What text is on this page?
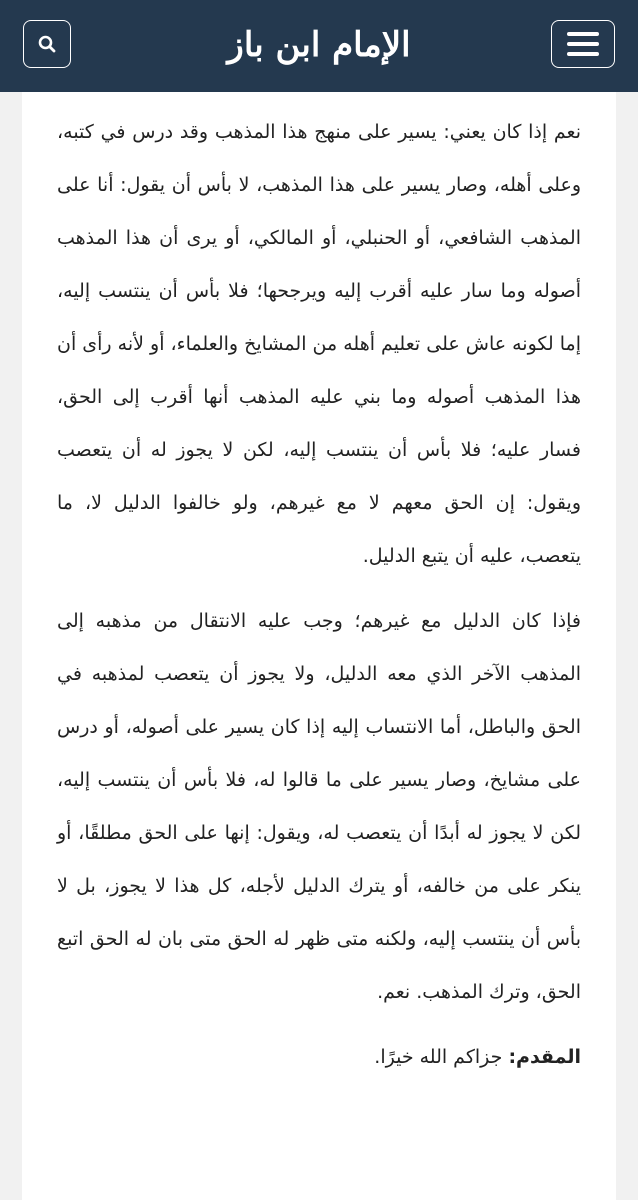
الإمام ابن باز

نعم إذا كان يعني: يسير على منهج هذا المذهب وقد درس في كتبه، وعلى أهله، وصار يسير على هذا المذهب، لا بأس أن يقول: أنا على المذهب الشافعي، أو الحنبلي، أو المالكي، أو يرى أن هذا المذهب أصوله وما سار عليه أقرب إليه ويرجحها؛ فلا بأس أن ينتسب إليه، إما لكونه عاش على تعليم أهله من المشايخ والعلماء، أو لأنه رأى أن هذا المذهب أصوله وما بني عليه المذهب أنها أقرب إلى الحق، فسار عليه؛ فلا بأس أن ينتسب إليه، لكن لا يجوز له أن يتعصب ويقول: إن الحق معهم لا مع غيرهم، ولو خالفوا الدليل لا، ما يتعصب، عليه أن يتبع الدليل.

فإذا كان الدليل مع غيرهم؛ وجب عليه الانتقال من مذهبه إلى المذهب الآخر الذي معه الدليل، ولا يجوز أن يتعصب لمذهبه في الحق والباطل، أما الانتساب إليه إذا كان يسير على أصوله، أو درس على مشايخ، وصار يسير على ما قالوا له، فلا بأس أن ينتسب إليه، لكن لا يجوز له أبدًا أن يتعصب له، ويقول: إنها على الحق مطلقًا، أو ينكر على من خالفه، أو يترك الدليل لأجله، كل هذا لا يجوز، بل لا بأس أن ينتسب إليه، ولكنه متى ظهر له الحق متى بان له الحق اتبع الحق، وترك المذهب. نعم.

المقدم: جزاكم الله خيرًا.
